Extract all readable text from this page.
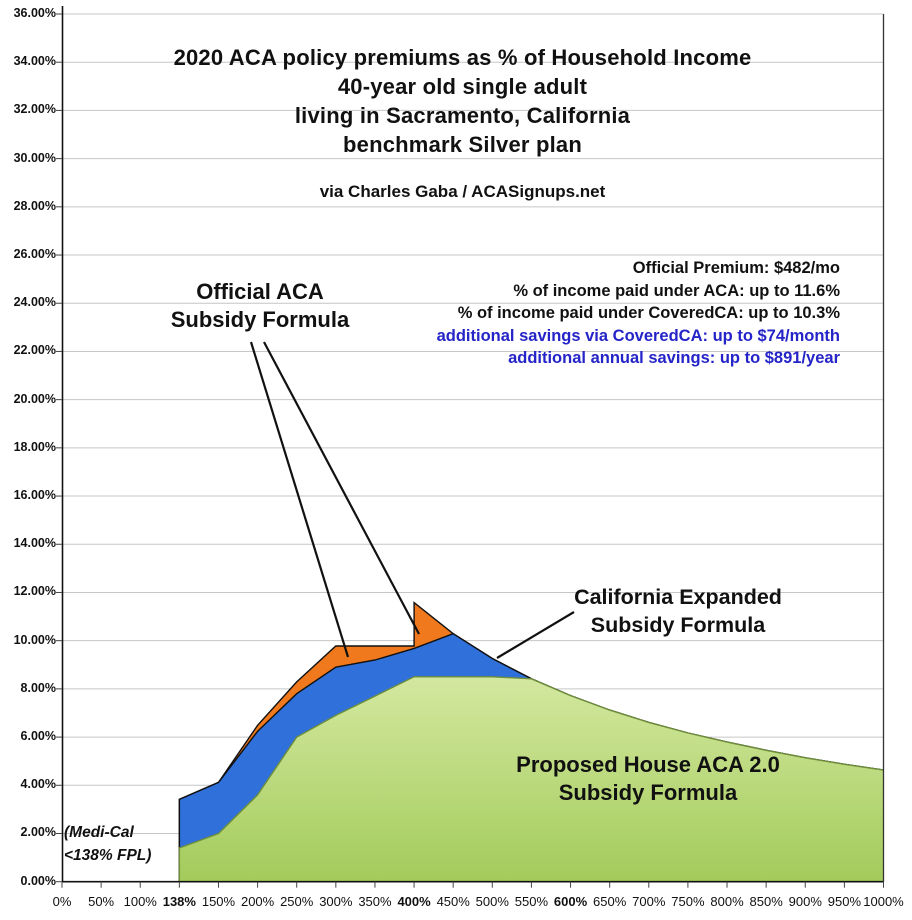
2020 ACA policy premiums as % of Household Income
40-year old single adult
living in Sacramento, California
benchmark Silver plan
via Charles Gaba / ACASignups.net
Official Premium: $482/mo
% of income paid under ACA: up to 11.6%
% of income paid under CoveredCA: up to 10.3%
additional savings via CoveredCA: up to $74/month
additional annual savings: up to $891/year
Official ACA
Subsidy Formula
California Expanded
Subsidy Formula
Proposed House ACA 2.0
Subsidy Formula
(Medi-Cal
<138% FPL)
36.00%
34.00%
32.00%
30.00%
28.00%
26.00%
24.00%
22.00%
20.00%
18.00%
16.00%
14.00%
12.00%
10.00%
8.00%
6.00%
4.00%
2.00%
0.00%
0%	50% 100% 138% 150% 200% 250% 300% 350% 400% 450% 500% 550% 600% 650% 700% 750% 800% 850% 900% 950% 1000%
